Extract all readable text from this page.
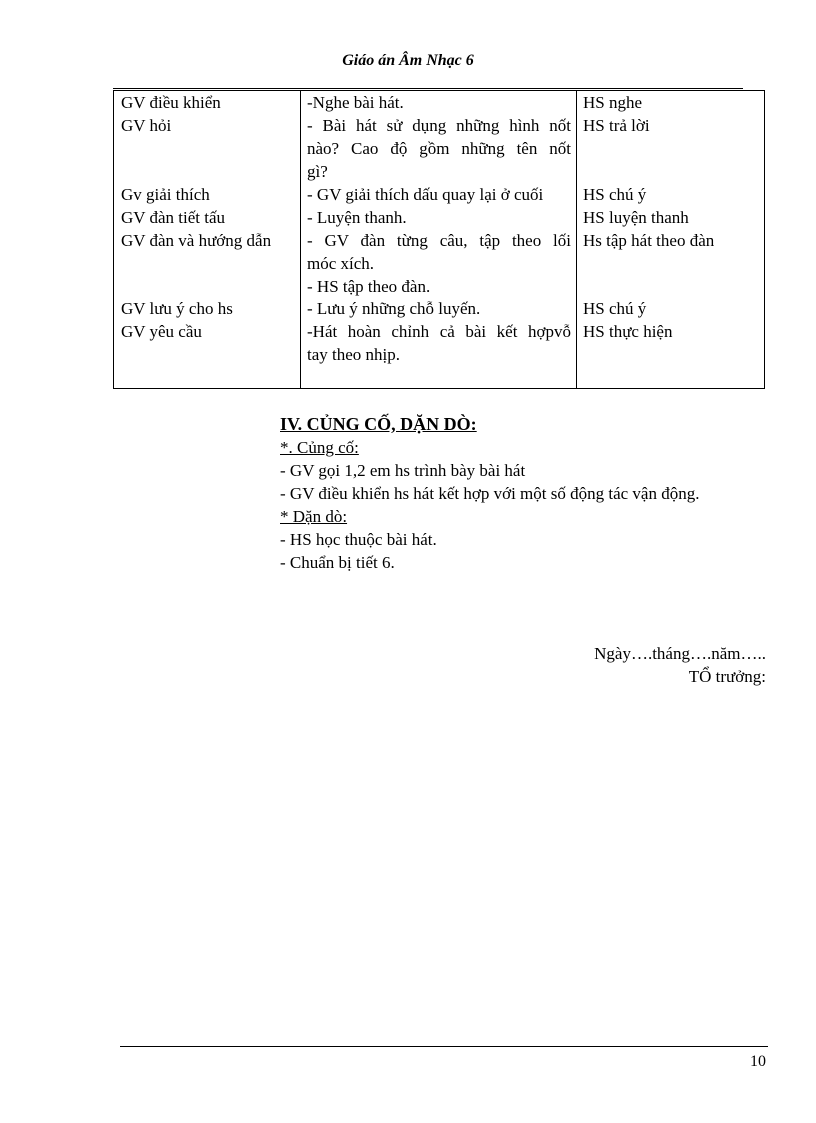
Giáo án Âm Nhạc 6
GV điều khiển
GV hỏi
Gv giải thích
GV đàn tiết tấu
GV đàn và hướng dẫn
GV lưu ý cho hs
GV yêu cầu
-Nghe bài hát.
- Bài hát sử dụng những hình nốt
nào? Cao độ gồm những tên nốt
gì?
- GV giải thích dấu quay lại ở cuối
- Luyện thanh.
- GV đàn từng câu, tập theo lối
móc xích.
- HS tập theo đàn.
- Lưu ý những chỗ luyến.
-Hát hoàn chỉnh cả bài kết hợpvỗ
tay theo nhịp.
HS nghe
HS trả lời
HS chú ý
HS luyện thanh
Hs tập hát theo đàn
HS chú ý
HS thực hiện
IV. CỦNG CỐ, DẶN DÒ:
*. Củng cố:
- GV gọi 1,2 em hs trình bày bài hát
- GV điều khiển hs hát kết hợp với một số động tác vận động.
* Dặn dò:
- HS học thuộc bài hát.
- Chuẩn bị tiết 6.
Ngày….tháng….năm…..
TỔ trưởng:
10
